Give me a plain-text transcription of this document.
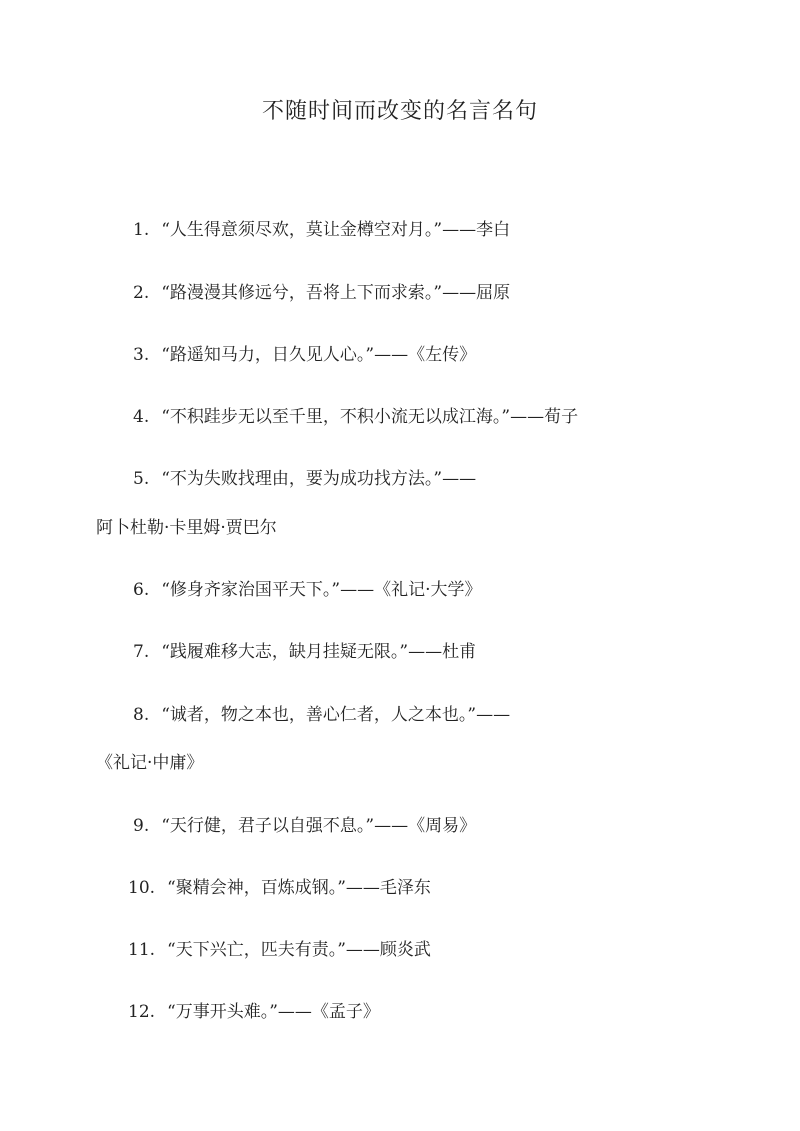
不随时间而改变的名言名句
1. “人生得意须尽欢，莫让金樽空对月。”——李白
2. “路漫漫其修远兮，吾将上下而求索。”——屈原
3. “路遥知马力，日久见人心。”——《左传》
4. “不积跬步无以至千里，不积小流无以成江海。”——荀子
5. “不为失败找理由，要为成功找方法。”——
阿卜杜勒·卡里姆·贾巴尔
6. “修身齐家治国平天下。”——《礼记·大学》
7. “践履难移大志，缺月挂疑无限。”——杜甫
8. “诚者，物之本也，善心仁者，人之本也。”——
《礼记·中庸》
9. “天行健，君子以自强不息。”——《周易》
10. “聚精会神，百炼成钢。”——毛泽东
11. “天下兴亡，匹夫有责。”——顾炎武
12. “万事开头难。”——《孟子》
